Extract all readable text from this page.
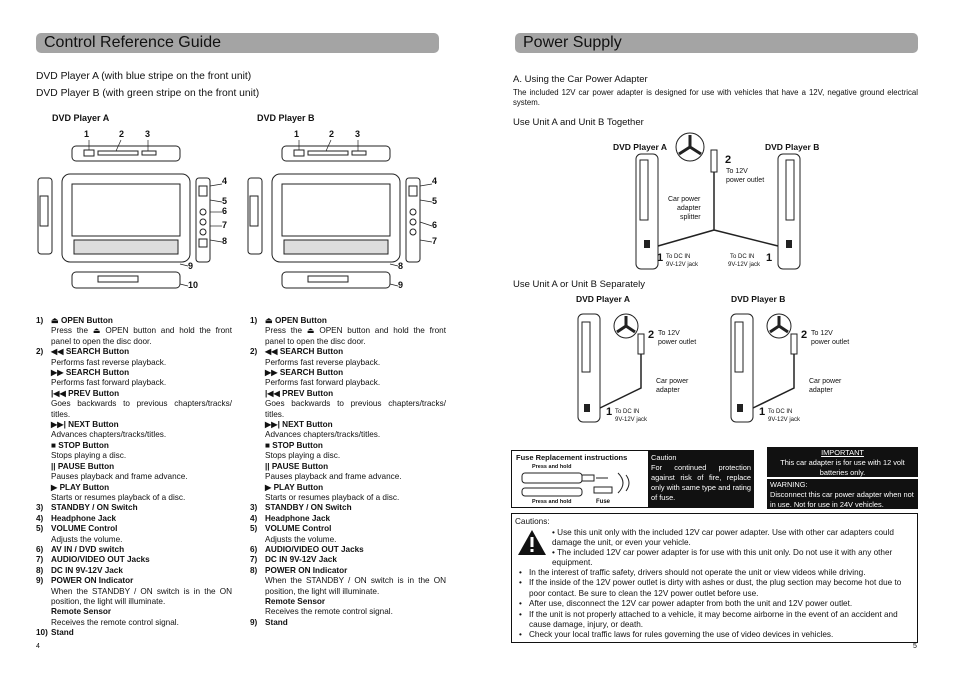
Control Reference Guide
DVD Player A (with blue stripe on the front unit)
DVD Player B (with green stripe on the front unit)
DVD Player A	DVD Player B
1	2 3
4
5
6
7
8
9
10
1	2 3
4
5
6
7
8
9
1) ⏏ OPEN Button
Press the ⏏ OPEN button and hold the front panel to open the disc door.
2) ◀◀ SEARCH Button
Performs fast reverse playback.
▶▶ SEARCH Button
Performs fast forward playback.
|◀◀ PREV Button
Goes backwards to previous chapters/tracks/ titles.
▶▶| NEXT Button
Advances chapters/tracks/titles.
■ STOP Button
Stops playing a disc.
|| PAUSE Button
Pauses playback and frame advance.
▶ PLAY Button
Starts or resumes playback of a disc.
3) STANDBY / ON Switch
4) Headphone Jack
5) VOLUME Control
Adjusts the volume.
6) AV IN / DVD switch
7) AUDIO/VIDEO OUT Jacks
8) DC IN 9V-12V Jack
9) POWER ON Indicator
When the STANDBY / ON switch is in the ON position, the light will illuminate.
Remote Sensor
Receives the remote control signal.
10) Stand
1) ⏏ OPEN Button
Press the ⏏ OPEN button and hold the front panel to open the disc door.
2) ◀◀ SEARCH Button
Performs fast reverse playback.
▶▶ SEARCH Button
Performs fast forward playback.
|◀◀ PREV Button
Goes backwards to previous chapters/tracks/ titles.
▶▶| NEXT Button
Advances chapters/tracks/titles.
■ STOP Button
Stops playing a disc.
|| PAUSE Button
Pauses playback and frame advance.
▶ PLAY Button
Starts or resumes playback of a disc.
3) STANDBY / ON Switch
4) Headphone Jack
5) VOLUME Control
Adjusts the volume.
6) AUDIO/VIDEO OUT Jacks
7) DC IN 9V-12V Jack
8) POWER ON Indicator
When the STANDBY / ON switch is in the ON position, the light will illuminate.
Remote Sensor
Receives the remote control signal.
9) Stand
4
Power Supply
A. Using the Car Power Adapter
The included 12V car power adapter is designed for use with vehicles that have a 12V, negative ground electrical system.
Use Unit A and Unit B Together
DVD Player A	DVD Player B
2
To 12V
power outlet
Car power
adapter
splitter
1 To DC IN
9V-12V jack
1
To DC IN
9V-12V jack
Use Unit A or Unit B Separately
DVD Player A
2 To 12V
power outlet
Car power
adapter
1 To DC IN
9V-12V jack
DVD Player B
2 To 12V
power outlet
Car power
adapter
1 To DC IN
9V-12V jack
Fuse Replacement instructions
Press and hold
Press and hold	Fuse
Caution
For continued protection against risk of fire, replace only with same type and rating of fuse.
IMPORTANT
This car adapter is for use with 12 volt batteries only.
WARNING:
Disconnect this car power adapter when not in use. Not for use in 24V vehicles.
Cautions:
• Use this unit only with the included 12V car power adapter. Use with other car adapters could damage the unit, or even your vehicle.
• The included 12V car power adapter is for use with this unit only. Do not use it with any other equipment.
• In the interest of traffic safety, drivers should not operate the unit or view videos while driving.
• If the inside of the 12V power outlet is dirty with ashes or dust, the plug section may become hot due to poor contact. Be sure to clean the 12V power outlet before use.
• After use, disconnect the 12V car power adapter from both the unit and 12V power outlet.
• If the unit is not properly attached to a vehicle, it may become airborne in the event of an accident and cause damage, injury, or death.
• Check your local traffic laws for rules governing the use of video devices in vehicles.
5
